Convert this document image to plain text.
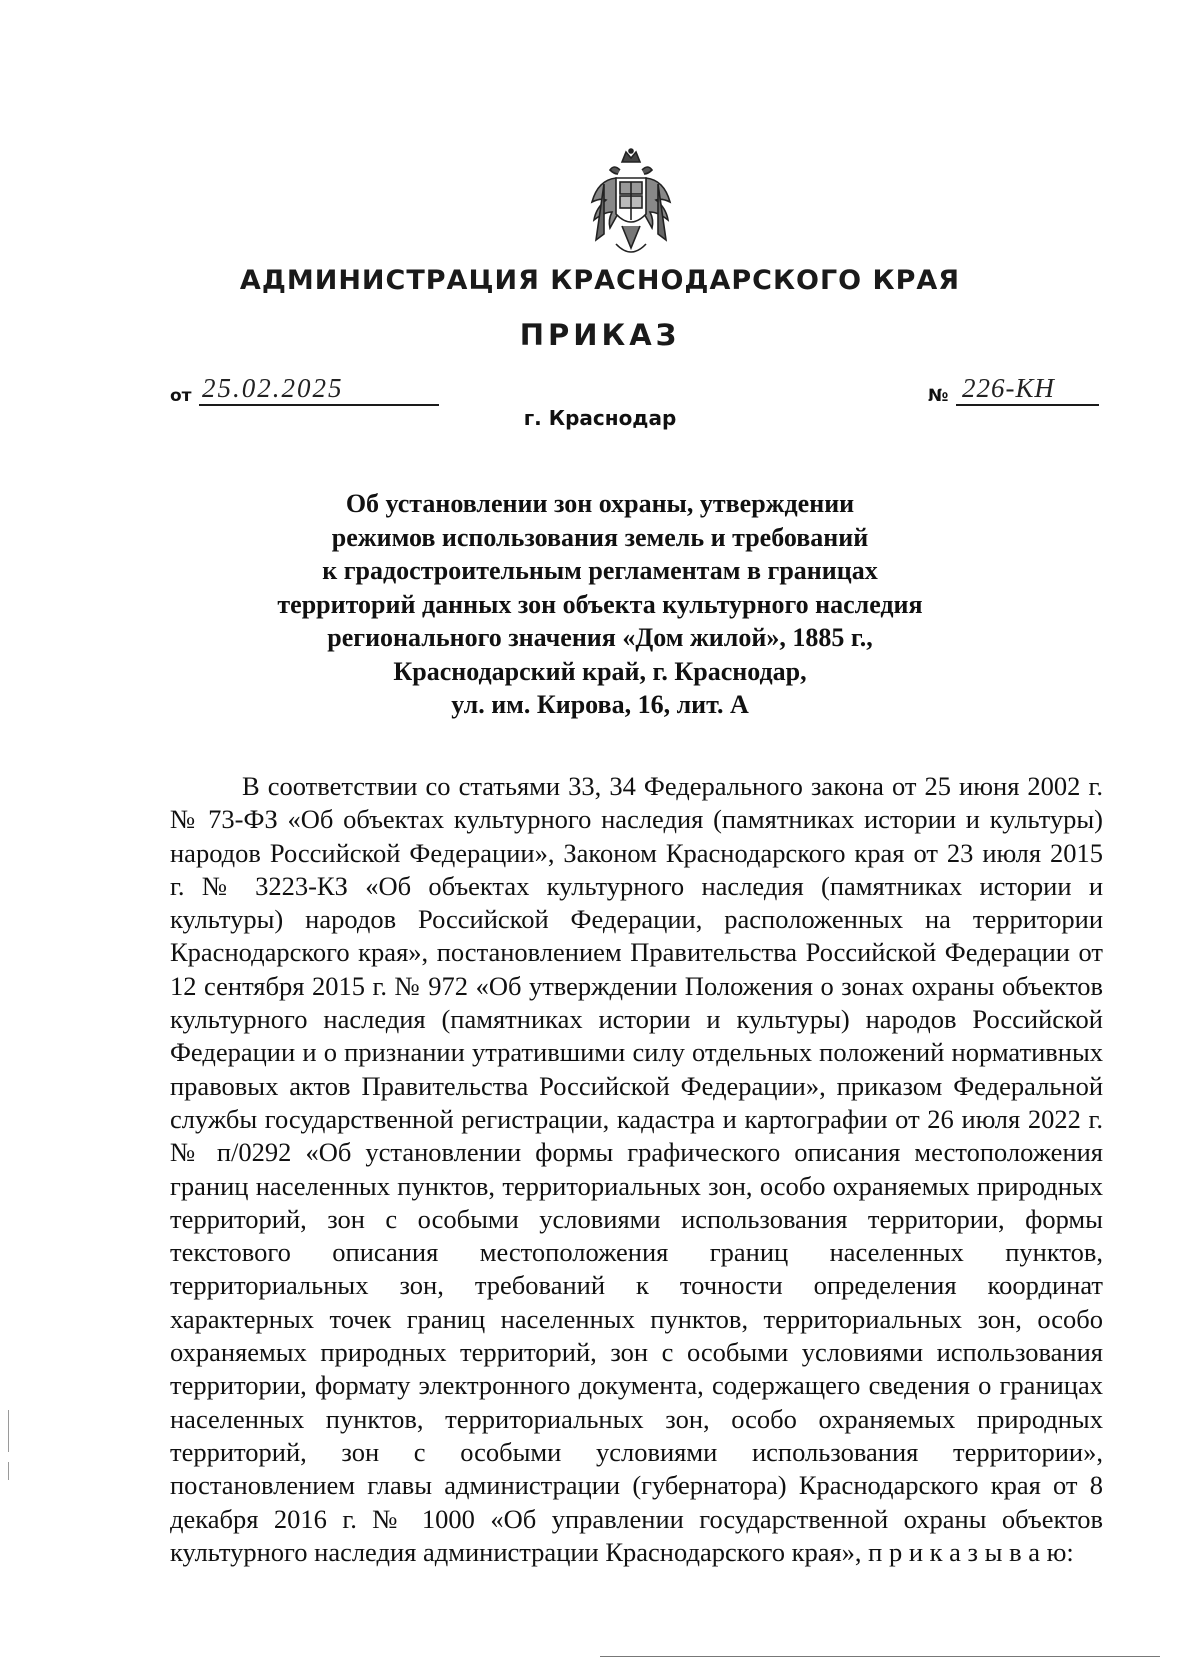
АДМИНИСТРАЦИЯ КРАСНОДАРСКОГО КРАЯ
ПРИКАЗ
от 25.02.2025	№ 226-КН
г. Краснодар
Об установлении зон охраны, утверждении
режимов использования земель и требований
к градостроительным регламентам в границах
территорий данных зон объекта культурного наследия
регионального значения «Дом жилой», 1885 г.,
Краснодарский край, г. Краснодар,
ул. им. Кирова, 16, лит. А

В соответствии со статьями 33, 34 Федерального закона от 25 июня 2002 г. № 73-ФЗ «Об объектах культурного наследия (памятниках истории и культуры) народов Российской Федерации», Законом Краснодарского края от 23 июля 2015 г. № 3223-КЗ «Об объектах культурного наследия (памятниках истории и культуры) народов Российской Федерации, расположенных на территории Краснодарского края», постановлением Правительства Российской Федерации от 12 сентября 2015 г. № 972 «Об утверждении Положения о зонах охраны объектов культурного наследия (памятниках истории и культуры) народов Российской Федерации и о признании утратившими силу отдельных положений нормативных правовых актов Правительства Российской Федерации», приказом Федеральной службы государственной регистрации, кадастра и картографии от 26 июля 2022 г. № п/0292 «Об установлении формы графического описания местоположения границ населенных пунктов, территориальных зон, особо охраняемых природных территорий, зон с особыми условиями использования территории, формы текстового описания местоположения границ населенных пунктов, территориальных зон, требований к точности определения координат характерных точек границ населенных пунктов, территориальных зон, особо охраняемых природных территорий, зон с особыми условиями использования территории, формату электронного документа, содержащего сведения о границах населенных пунктов, территориальных зон, особо охраняемых природных территорий, зон с особыми условиями использования территории», постановлением главы администрации (губернатора) Краснодарского края от 8 декабря 2016 г. № 1000 «Об управлении государственной охраны объектов культурного наследия администрации Краснодарского края», п р и к а з ы в а ю:
